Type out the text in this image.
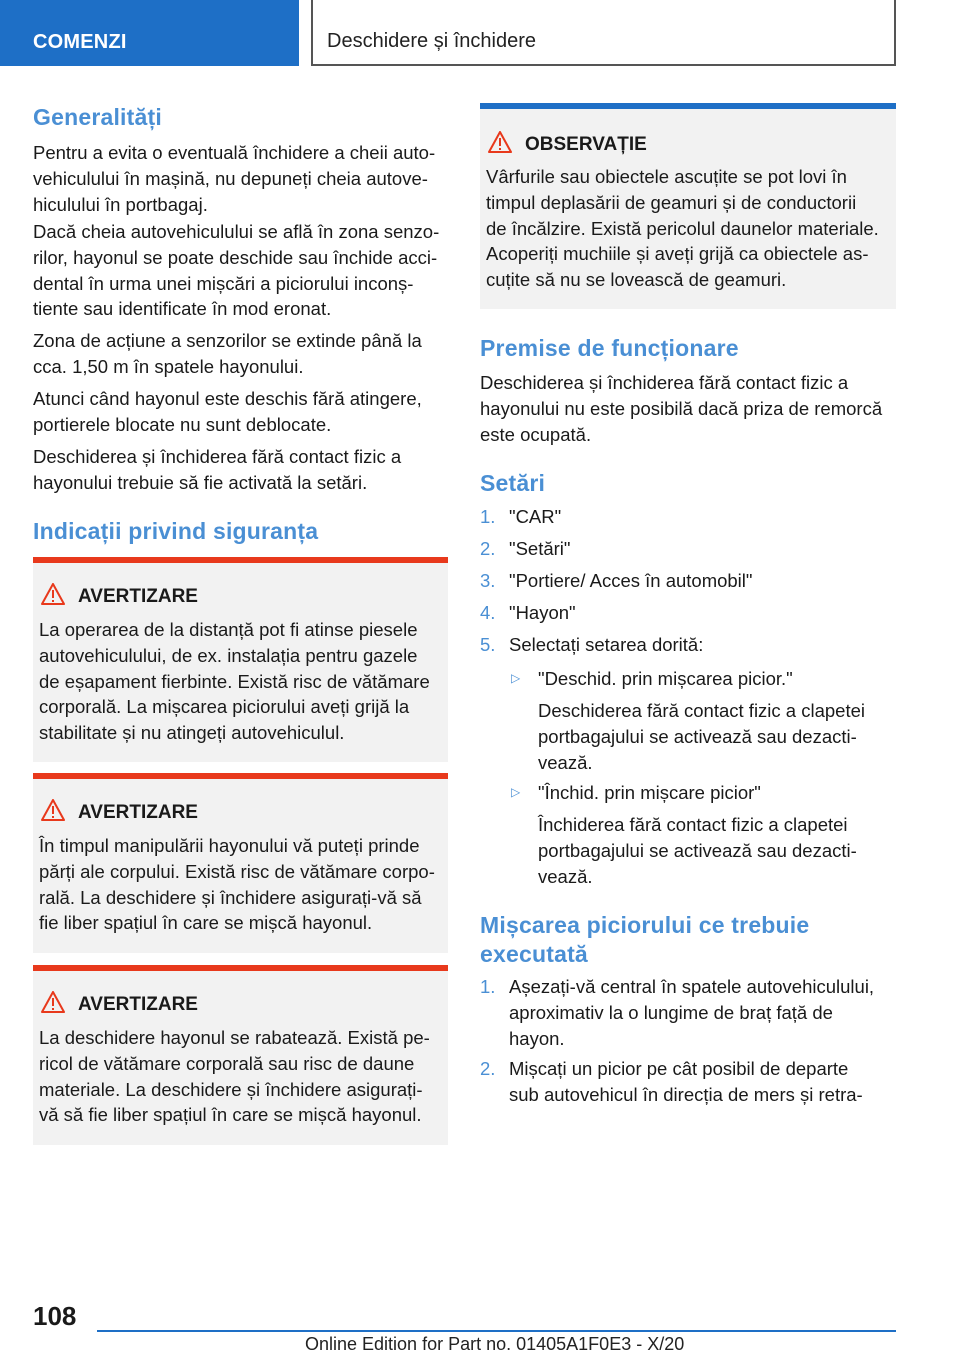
COMENZI	Deschidere și închidere
Generalități
Pentru a evita o eventuală închidere a cheii auto-
vehiculului în mașină, nu depuneți cheia autove-
hiculului în portbagaj.
Dacă cheia autovehiculului se află în zona senzo-
rilor, hayonul se poate deschide sau închide acci-
dental în urma unei mișcări a piciorului inconș-
tiente sau identificate în mod eronat.
Zona de acțiune a senzorilor se extinde până la
cca. 1,50 m în spatele hayonului.
Atunci când hayonul este deschis fără atingere,
portierele blocate nu sunt deblocate.
Deschiderea și închiderea fără contact fizic a
hayonului trebuie să fie activată la setări.
Indicații privind siguranța
AVERTIZARE
La operarea de la distanță pot fi atinse piesele
autovehiculului, de ex. instalația pentru gazele
de eșapament fierbinte. Există risc de vătămare
corporală. La mișcarea piciorului aveți grijă la
stabilitate și nu atingeți autovehiculul.
AVERTIZARE
În timpul manipulării hayonului vă puteți prinde
părți ale corpului. Există risc de vătămare corpo-
rală. La deschidere și închidere asigurați-vă să
fie liber spațiul în care se mișcă hayonul.
AVERTIZARE
La deschidere hayonul se rabatează. Există pe-
ricol de vătămare corporală sau risc de daune
materiale. La deschidere și închidere asigurați-
vă să fie liber spațiul în care se mișcă hayonul.
OBSERVAȚIE
Vârfurile sau obiectele ascuțite se pot lovi în
timpul deplasării de geamuri și de conductorii
de încălzire. Există pericolul daunelor materiale.
Acoperiți muchiile și aveți grijă ca obiectele as-
cuțite să nu se lovească de geamuri.
Premise de funcționare
Deschiderea și închiderea fără contact fizic a
hayonului nu este posibilă dacă priza de remorcă
este ocupată.
Setări
1. "CAR"
2. "Setări"
3. "Portiere/ Acces în automobil"
4. "Hayon"
5. Selectați setarea dorită:
▷ "Deschid. prin mișcarea picior."
Deschiderea fără contact fizic a clapetei
portbagajului se activează sau dezacti-
vează.
▷ "Închid. prin mișcare picior"
Închiderea fără contact fizic a clapetei
portbagajului se activează sau dezacti-
vează.
Mișcarea piciorului ce trebuie
executată
1. Așezați-vă central în spatele autovehiculului,
aproximativ la o lungime de braț față de
hayon.
2. Mișcați un picior pe cât posibil de departe
sub autovehicul în direcția de mers și retra-
108
Online Edition for Part no. 01405A1F0E3 - X/20
